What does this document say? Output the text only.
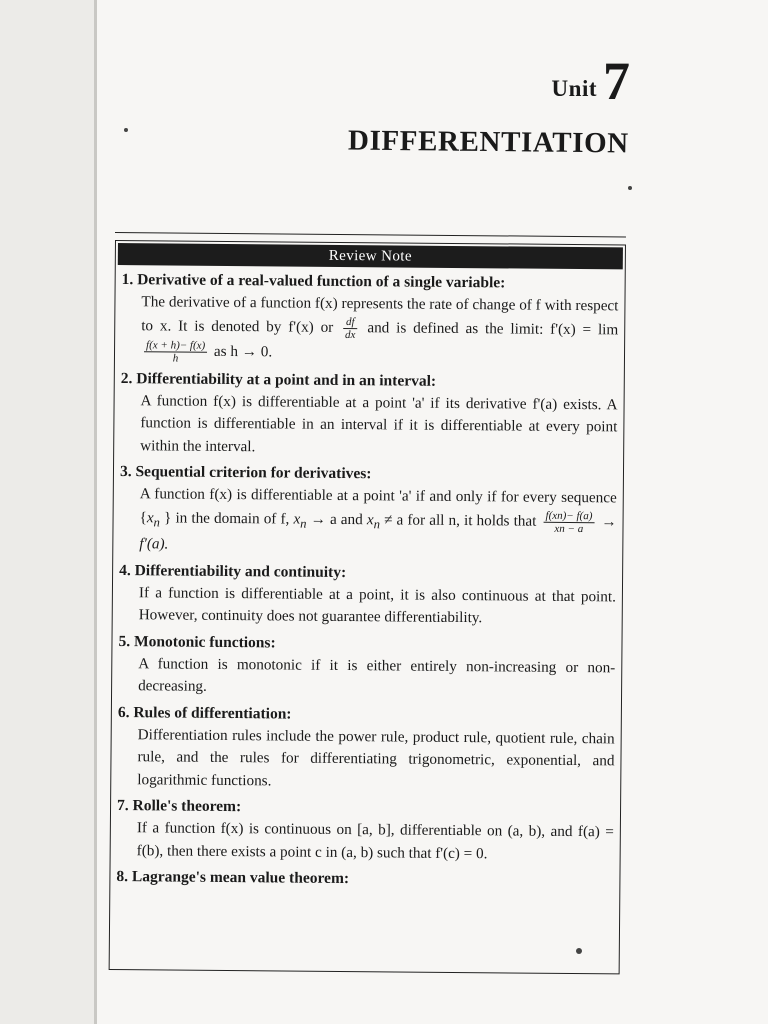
Unit 7
DIFFERENTIATION
Review Note
1. Derivative of a real-valued function of a single variable:
The derivative of a function f(x) represents the rate of change of f with respect to x. It is denoted by f'(x) or $\frac{df}{dx}$ and is defined as the limit: f'(x) = lim
$\frac{f(x + h)- f(x)}{h}$ as h → 0.
2. Differentiability at a point and in an interval:
A function f(x) is differentiable at a point 'a' if its derivative f'(a) exists. A function is differentiable in an interval if it is differentiable at every point within the interval.
3. Sequential criterion for derivatives:
A function f(x) is differentiable at a point 'a' if and only if for every sequence {$x_n$ } in the domain of f, $x_n \to a$ and $x_n \ne a$ for all n, it holds that $\frac{f(xn)- f(a)}{xn - a} \to f'(a)$.
4. Differentiability and continuity:
If a function is differentiable at a point, it is also continuous at that point. However, continuity does not guarantee differentiability.
5. Monotonic functions:
A function is monotonic if it is either entirely non-increasing or non-decreasing.
6. Rules of differentiation:
Differentiation rules include the power rule, product rule, quotient rule, chain rule, and the rules for differentiating trigonometric, exponential, and logarithmic functions.
7. Rolle's theorem:
If a function f(x) is continuous on [a, b], differentiable on (a, b), and f(a) = f(b), then there exists a point c in (a, b) such that f'(c) = 0.
8. Lagrange's mean value theorem:
